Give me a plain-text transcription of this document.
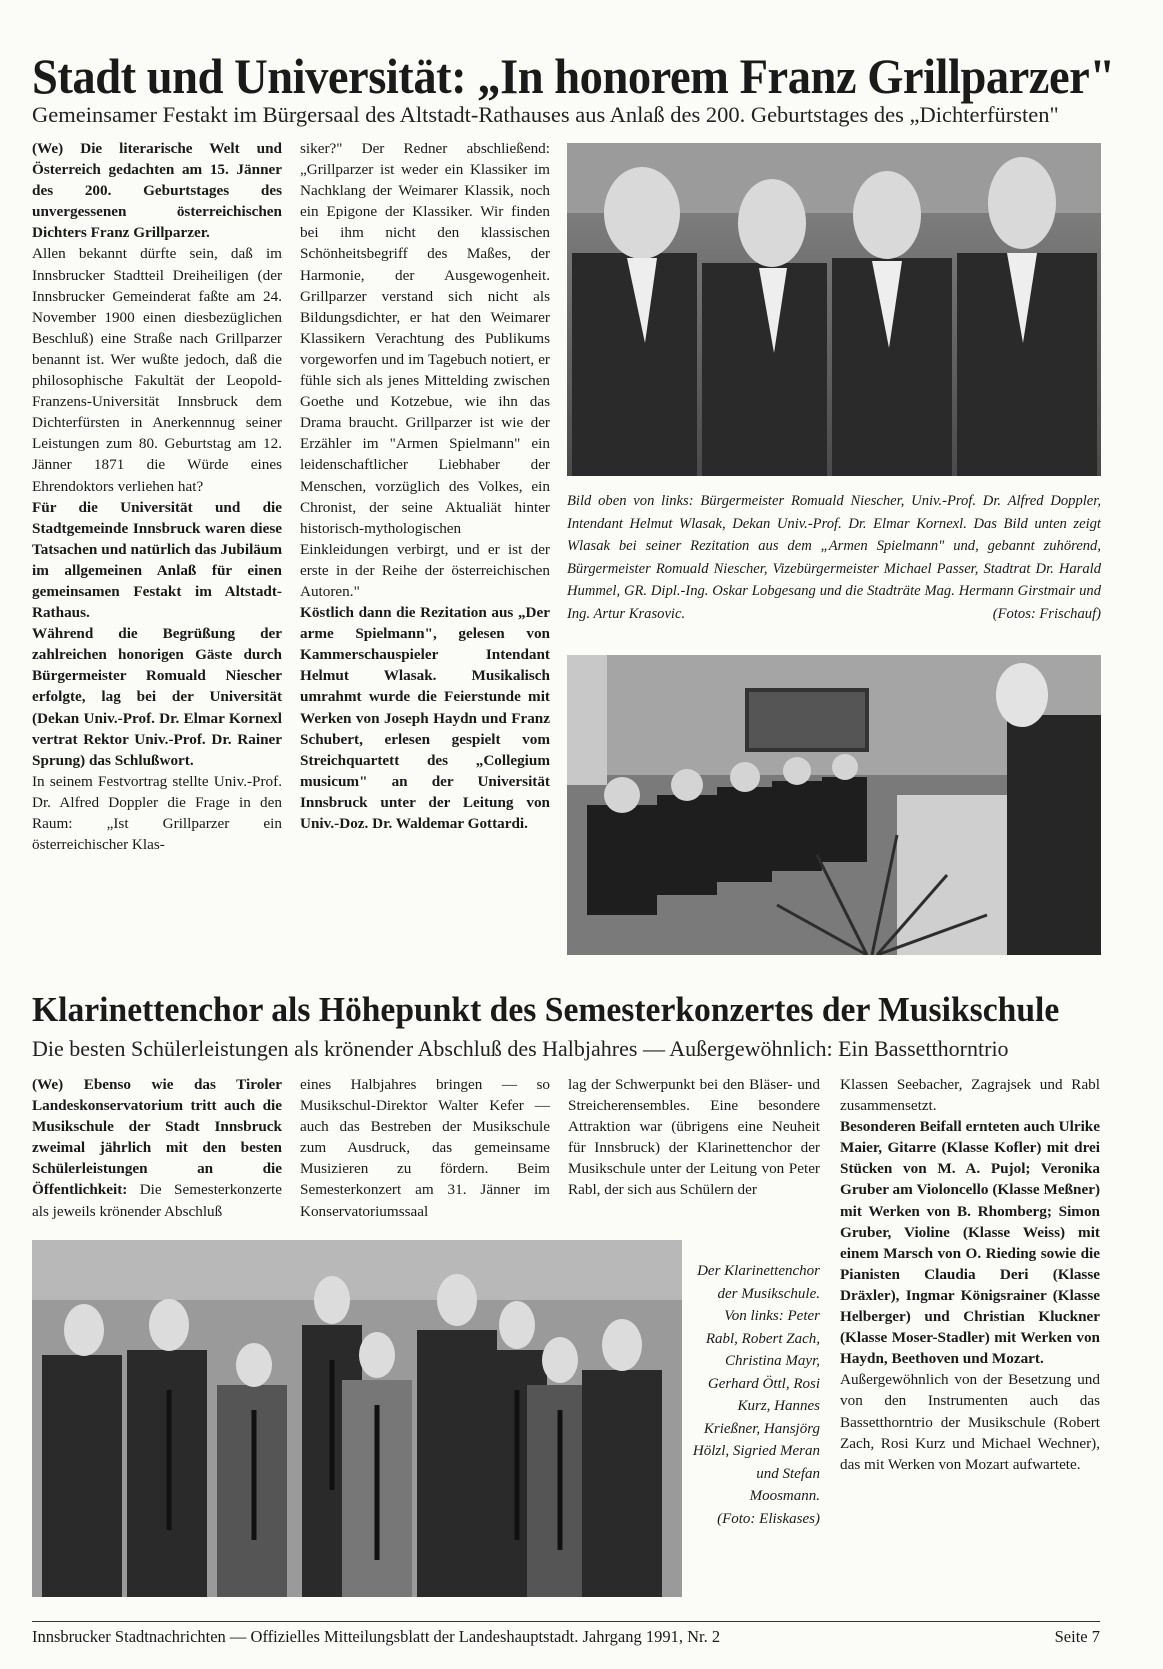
Stadt und Universität: „In honorem Franz Grillparzer"
Gemeinsamer Festakt im Bürgersaal des Altstadt-Rathauses aus Anlaß des 200. Geburtstages des „Dichterfürsten"
(We) Die literarische Welt und Österreich gedachten am 15. Jänner des 200. Geburtstages des unvergessenen österreichischen Dichters Franz Grillparzer.
Allen bekannt dürfte sein, daß im Innsbrucker Stadtteil Dreiheiligen (der Innsbrucker Gemeinderat faßte am 24. November 1900 einen diesbezüglichen Beschluß) eine Straße nach Grillparzer benannt ist. Wer wußte jedoch, daß die philosophische Fakultät der Leopold-Franzens-Universität Innsbruck dem Dichterfürsten in Anerkennnug seiner Leistungen zum 80. Geburtstag am 12. Jänner 1871 die Würde eines Ehrendoktors verliehen hat?
Für die Universität und die Stadtgemeinde Innsbruck waren diese Tatsachen und natürlich das Jubiläum im allgemeinen Anlaß für einen gemeinsamen Festakt im Altstadt-Rathaus.
Während die Begrüßung der zahlreichen honorigen Gäste durch Bürgermeister Romuald Niescher erfolgte, lag bei der Universität (Dekan Univ.-Prof. Dr. Elmar Kornexl vertrat Rektor Univ.-Prof. Dr. Rainer Sprung) das Schlußwort.
In seinem Festvortrag stellte Univ.-Prof. Dr. Alfred Doppler die Frage in den Raum: „Ist Grillparzer ein österreichischer Klas-
siker?" Der Redner abschließend: „Grillparzer ist weder ein Klassiker im Nachklang der Weimarer Klassik, noch ein Epigone der Klassiker. Wir finden bei ihm nicht den klassischen Schönheitsbegriff des Maßes, der Harmonie, der Ausgewogenheit. Grillparzer verstand sich nicht als Bildungsdichter, er hat den Weimarer Klassikern Verachtung des Publikums vorgeworfen und im Tagebuch notiert, er fühle sich als jenes Mittelding zwischen Goethe und Kotzebue, wie ihn das Drama braucht. Grillparzer ist wie der Erzähler im "Armen Spielmann" ein leidenschaftlicher Liebhaber der Menschen, vorzüglich des Volkes, ein Chronist, der seine Aktualiät hinter historisch-mythologischen Einkleidungen verbirgt, und er ist der erste in der Reihe der österreichischen Autoren."
Köstlich dann die Rezitation aus „Der arme Spielmann", gelesen von Kammerschauspieler Intendant Helmut Wlasak. Musikalisch umrahmt wurde die Feierstunde mit Werken von Joseph Haydn und Franz Schubert, erlesen gespielt vom Streichquartett des „Collegium musicum" an der Universität Innsbruck unter der Leitung von Univ.-Doz. Dr. Waldemar Gottardi.
Bild oben von links: Bürgermeister Romuald Niescher, Univ.-Prof. Dr. Alfred Doppler, Intendant Helmut Wlasak, Dekan Univ.-Prof. Dr. Elmar Kornexl. Das Bild unten zeigt Wlasak bei seiner Rezitation aus dem „Armen Spielmann" und, gebannt zuhörend, Bürgermeister Romuald Niescher, Vizebürgermeister Michael Passer, Stadtrat Dr. Harald Hummel, GR. Dipl.-Ing. Oskar Lobgesang und die Stadträte Mag. Hermann Girstmair und Ing. Artur Krasovic.	(Fotos: Frischauf)
Klarinettenchor als Höhepunkt des Semesterkonzertes der Musikschule
Die besten Schülerleistungen als krönender Abschluß des Halbjahres — Außergewöhnlich: Ein Bassetthorntrio
(We) Ebenso wie das Tiroler Landeskonservatorium tritt auch die Musikschule der Stadt Innsbruck zweimal jährlich mit den besten Schülerleistungen an die Öffentlichkeit: Die Semesterkonzerte als jeweils krönender Abschluß
eines Halbjahres bringen — so Musikschul-Direktor Walter Kefer — auch das Bestreben der Musikschule zum Ausdruck, das gemeinsame Musizieren zu fördern. Beim Semesterkonzert am 31. Jänner im Konservatoriumssaal
lag der Schwerpunkt bei den Bläser- und Streicherensembles. Eine besondere Attraktion war (übrigens eine Neuheit für Innsbruck) der Klarinettenchor der Musikschule unter der Leitung von Peter Rabl, der sich aus Schülern der
Klassen Seebacher, Zagrajsek und Rabl zusammensetzt.
Besonderen Beifall ernteten auch Ulrike Maier, Gitarre (Klasse Kofler) mit drei Stücken von M. A. Pujol; Veronika Gruber am Violoncello (Klasse Meßner) mit Werken von B. Rhomberg; Simon Gruber, Violine (Klasse Weiss) mit einem Marsch von O. Rieding sowie die Pianisten Claudia Deri (Klasse Dräxler), Ingmar Königsrainer (Klasse Helberger) und Christian Kluckner (Klasse Moser-Stadler) mit Werken von Haydn, Beethoven und Mozart.
Außergewöhnlich von der Besetzung und von den Instrumenten auch das Bassetthorntrio der Musikschule (Robert Zach, Rosi Kurz und Michael Wechner), das mit Werken von Mozart aufwartete.
Der Klarinettenchor der Musikschule. Von links: Peter Rabl, Robert Zach, Christina Mayr, Gerhard Öttl, Rosi Kurz, Hannes Krießner, Hansjörg Hölzl, Sigried Meran und Stefan Moosmann.
(Foto: Eliskases)
Innsbrucker Stadtnachrichten — Offizielles Mitteilungsblatt der Landeshauptstadt. Jahrgang 1991, Nr. 2	Seite 7
